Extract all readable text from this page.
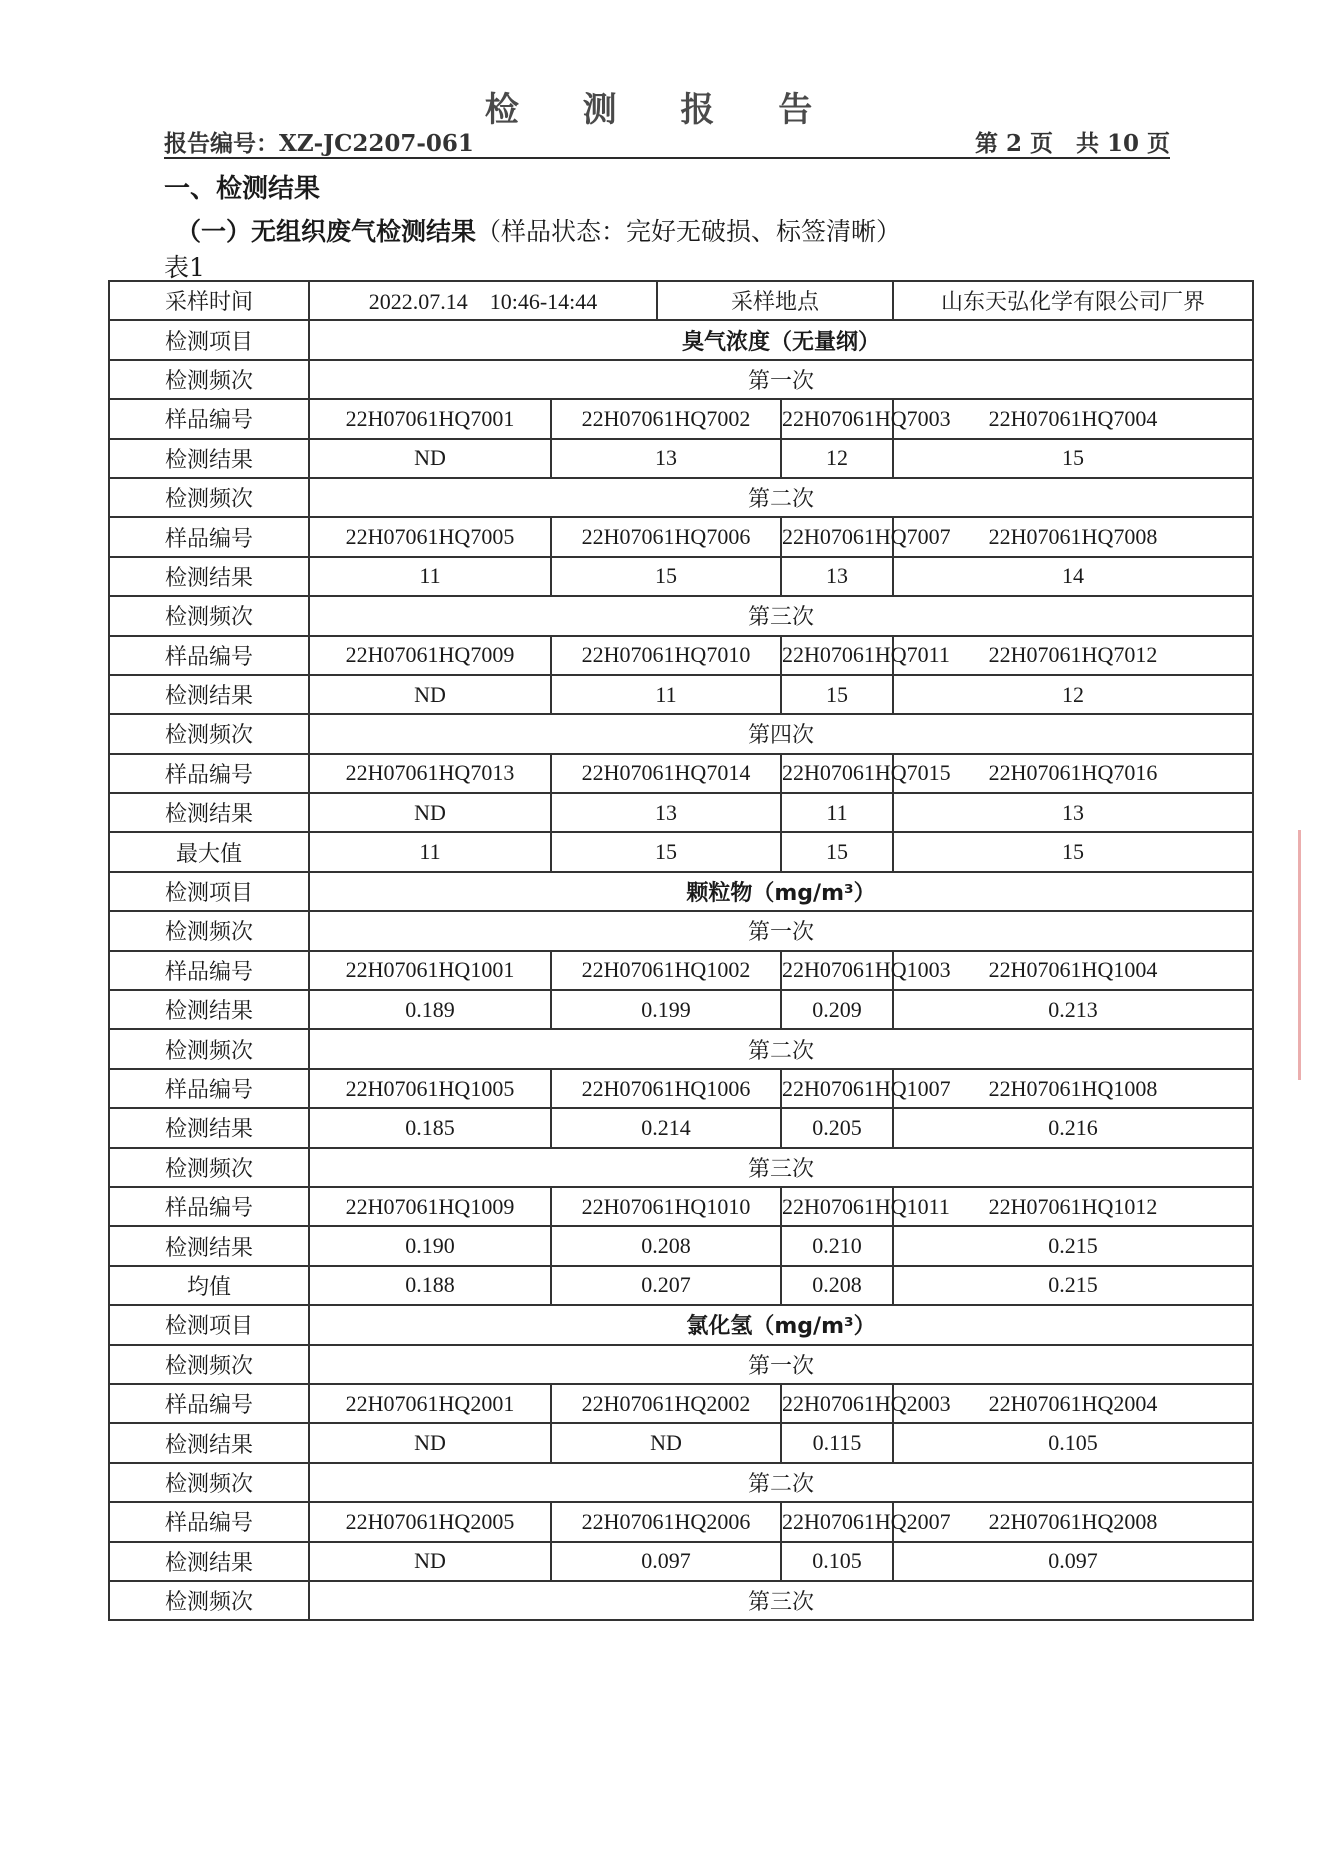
检 测 报 告
报告编号：XZ-JC2207-061	第 2 页　共 10 页
一、检测结果
（一）无组织废气检测结果（样品状态：完好无破损、标签清晰）
表1
采样时间	2022.07.14　10:46-14:44		采样地点		山东天弘化学有限公司厂界
检测项目	臭气浓度（无量纲）				
检测频次	第一次				
样品编号	22H07061HQ7001	22H07061HQ7002		22H07061HQ7003	22H07061HQ7004
检测结果	ND	13		12	15
检测频次	第二次				
样品编号	22H07061HQ7005	22H07061HQ7006		22H07061HQ7007	22H07061HQ7008
检测结果	11	15		13	14
检测频次	第三次				
样品编号	22H07061HQ7009	22H07061HQ7010		22H07061HQ7011	22H07061HQ7012
检测结果	ND	11		15	12
检测频次	第四次				
样品编号	22H07061HQ7013	22H07061HQ7014		22H07061HQ7015	22H07061HQ7016
检测结果	ND	13		11	13
最大值	11	15		15	15
检测项目	颗粒物（mg/m³）				
检测频次	第一次				
样品编号	22H07061HQ1001	22H07061HQ1002		22H07061HQ1003	22H07061HQ1004
检测结果	0.189	0.199		0.209	0.213
检测频次	第二次				
样品编号	22H07061HQ1005	22H07061HQ1006		22H07061HQ1007	22H07061HQ1008
检测结果	0.185	0.214		0.205	0.216
检测频次	第三次				
样品编号	22H07061HQ1009	22H07061HQ1010		22H07061HQ1011	22H07061HQ1012
检测结果	0.190	0.208		0.210	0.215
均值	0.188	0.207		0.208	0.215
检测项目	氯化氢（mg/m³）				
检测频次	第一次				
样品编号	22H07061HQ2001	22H07061HQ2002		22H07061HQ2003	22H07061HQ2004
检测结果	ND	ND		0.115	0.105
检测频次	第二次				
样品编号	22H07061HQ2005	22H07061HQ2006		22H07061HQ2007	22H07061HQ2008
检测结果	ND	0.097		0.105	0.097
检测频次	第三次				
